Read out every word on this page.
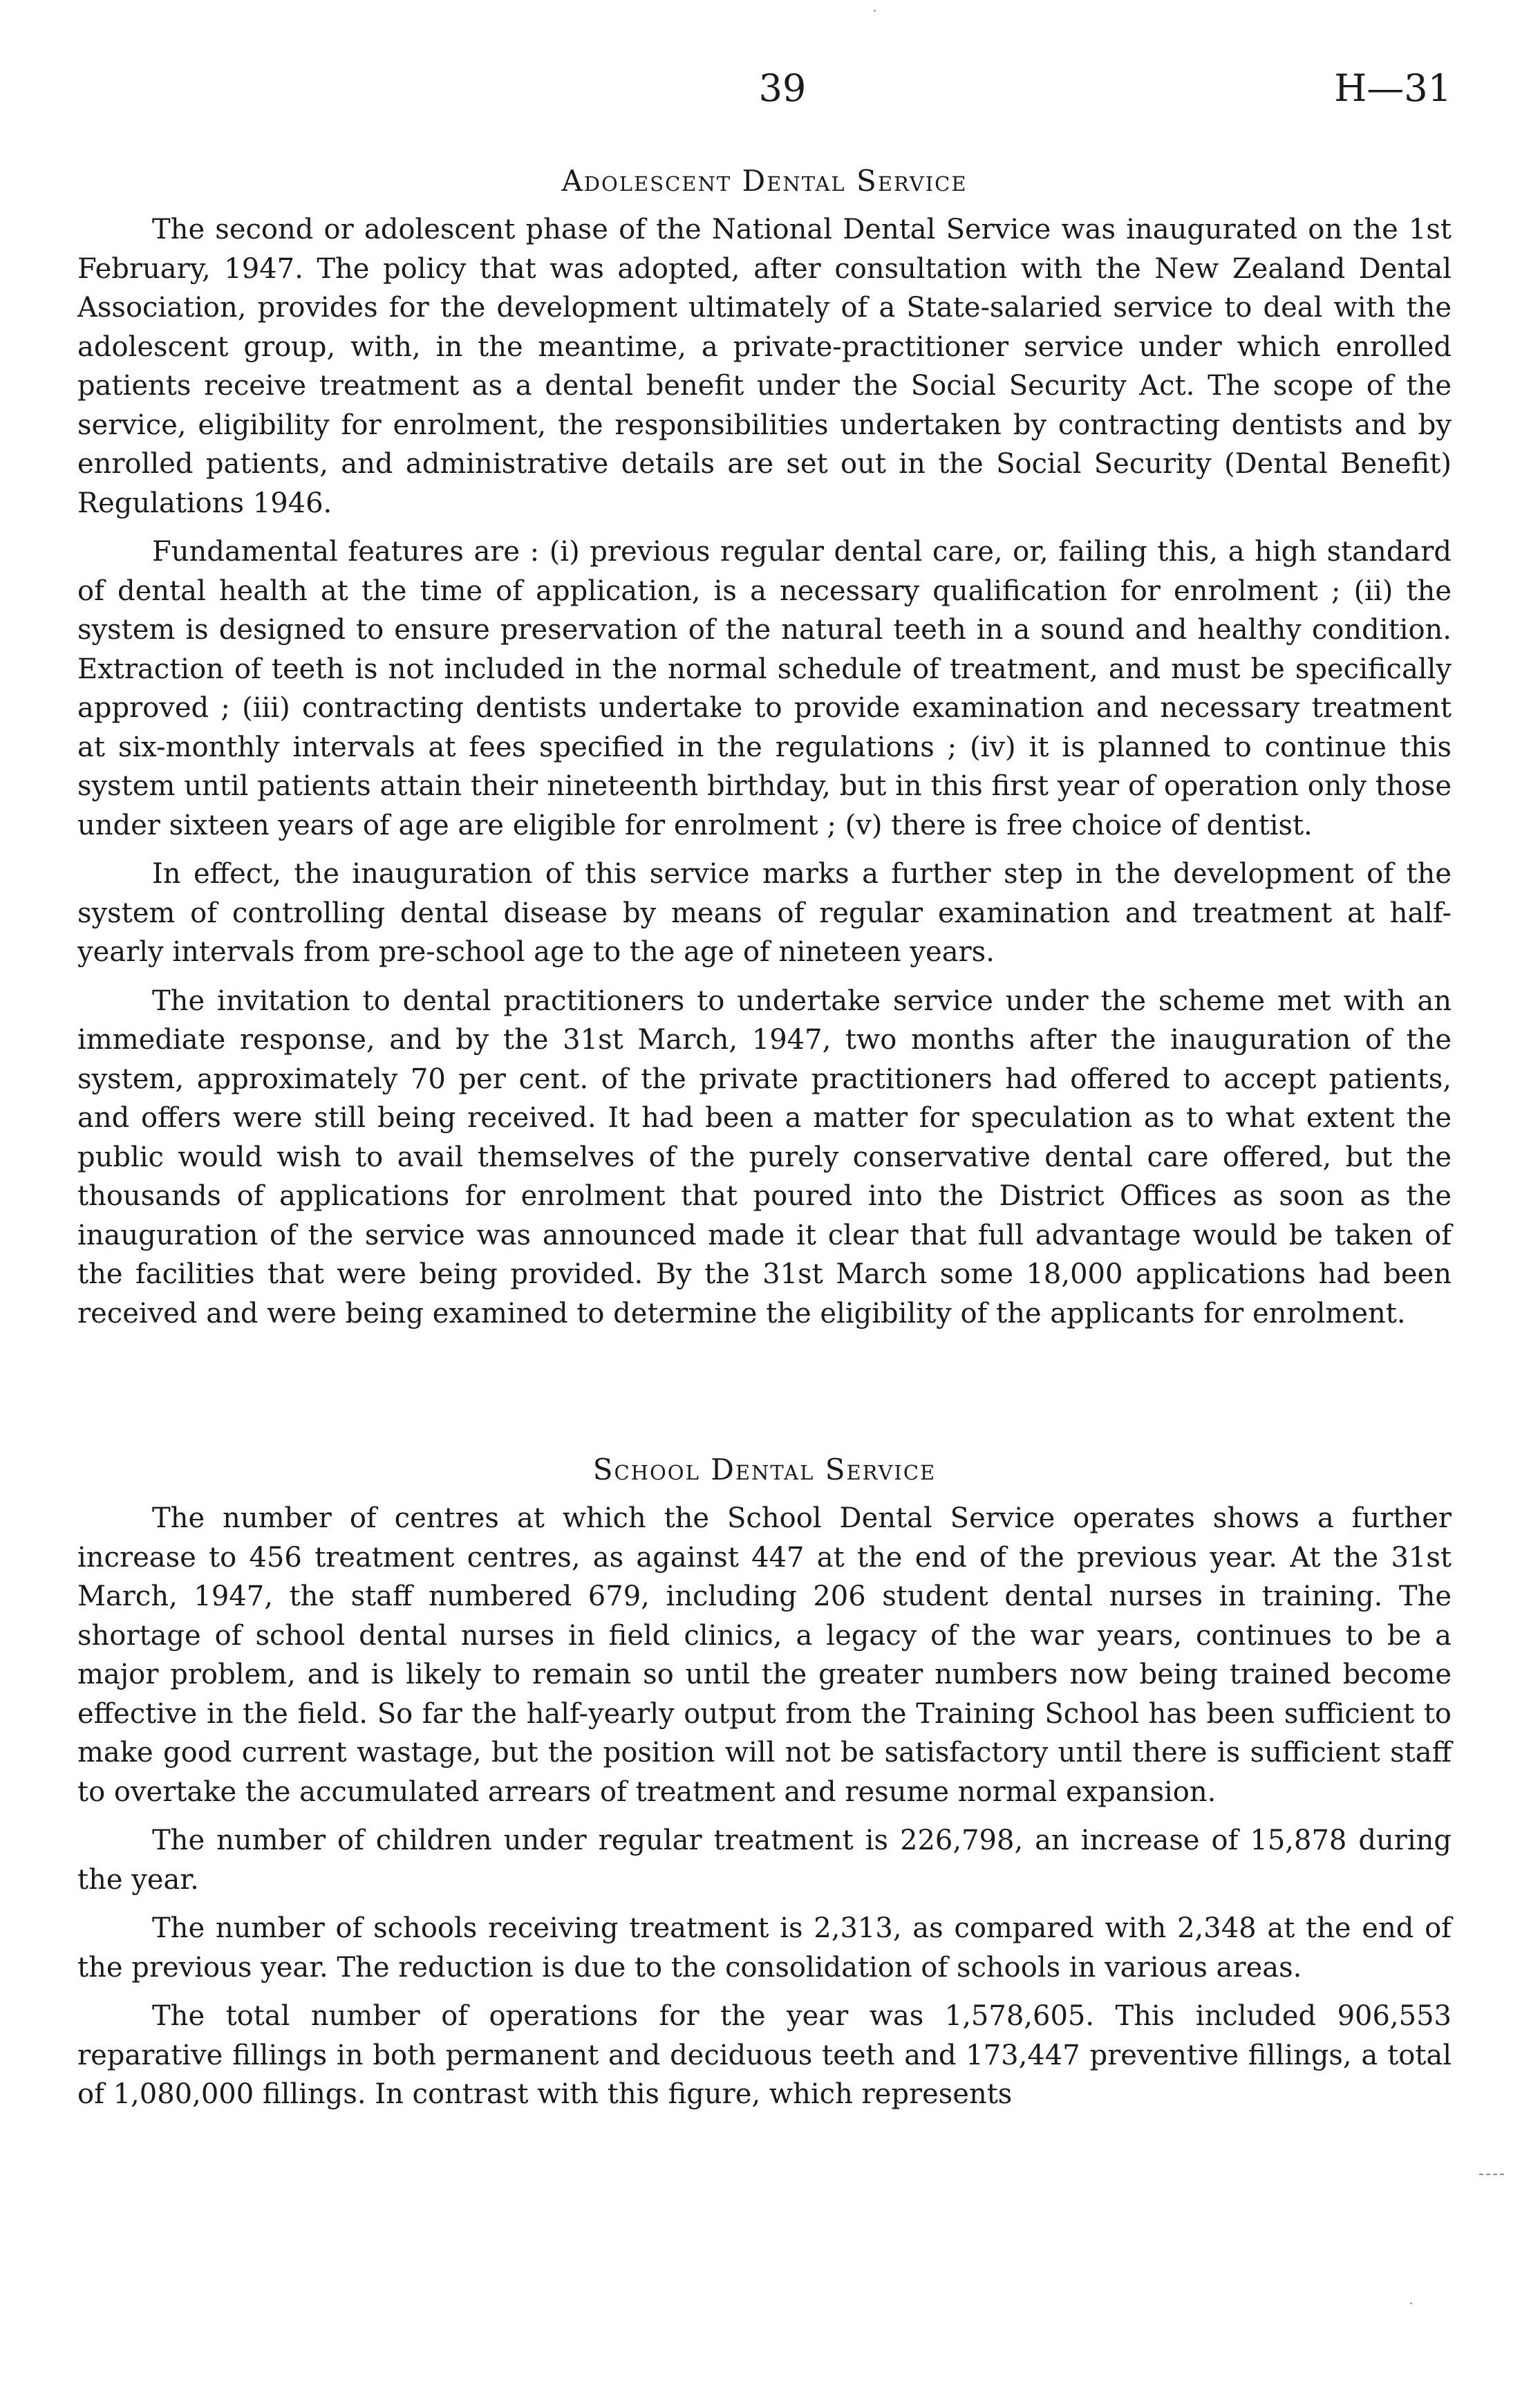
39	H—31
Adolescent Dental Service

The second or adolescent phase of the National Dental Service was inaugurated on the 1st February, 1947. The policy that was adopted, after consultation with the New Zealand Dental Association, provides for the development ultimately of a State-salaried service to deal with the adolescent group, with, in the meantime, a private-practitioner service under which enrolled patients receive treatment as a dental benefit under the Social Security Act. The scope of the service, eligibility for enrolment, the responsibilities undertaken by contracting dentists and by enrolled patients, and administrative details are set out in the Social Security (Dental Benefit) Regulations 1946.

Fundamental features are : (i) previous regular dental care, or, failing this, a high standard of dental health at the time of application, is a necessary qualification for enrolment ; (ii) the system is designed to ensure preservation of the natural teeth in a sound and healthy condition. Extraction of teeth is not included in the normal schedule of treatment, and must be specifically approved ; (iii) contracting dentists undertake to provide examination and necessary treatment at six-monthly intervals at fees specified in the regulations ; (iv) it is planned to continue this system until patients attain their nineteenth birthday, but in this first year of operation only those under sixteen years of age are eligible for enrolment ; (v) there is free choice of dentist.

In effect, the inauguration of this service marks a further step in the development of the system of controlling dental disease by means of regular examination and treatment at half-yearly intervals from pre-school age to the age of nineteen years.

The invitation to dental practitioners to undertake service under the scheme met with an immediate response, and by the 31st March, 1947, two months after the inauguration of the system, approximately 70 per cent. of the private practitioners had offered to accept patients, and offers were still being received. It had been a matter for speculation as to what extent the public would wish to avail themselves of the purely conservative dental care offered, but the thousands of applications for enrolment that poured into the District Offices as soon as the inauguration of the service was announced made it clear that full advantage would be taken of the facilities that were being provided. By the 31st March some 18,000 applications had been received and were being examined to determine the eligibility of the applicants for enrolment.

School Dental Service

The number of centres at which the School Dental Service operates shows a further increase to 456 treatment centres, as against 447 at the end of the previous year. At the 31st March, 1947, the staff numbered 679, including 206 student dental nurses in training. The shortage of school dental nurses in field clinics, a legacy of the war years, continues to be a major problem, and is likely to remain so until the greater numbers now being trained become effective in the field. So far the half-yearly output from the Training School has been sufficient to make good current wastage, but the position will not be satisfactory until there is sufficient staff to overtake the accumulated arrears of treatment and resume normal expansion.

The number of children under regular treatment is 226,798, an increase of 15,878 during the year.

The number of schools receiving treatment is 2,313, as compared with 2,348 at the end of the previous year. The reduction is due to the consolidation of schools in various areas.

The total number of operations for the year was 1,578,605. This included 906,553 reparative fillings in both permanent and deciduous teeth and 173,447 preventive fillings, a total of 1,080,000 fillings. In contrast with this figure, which represents
